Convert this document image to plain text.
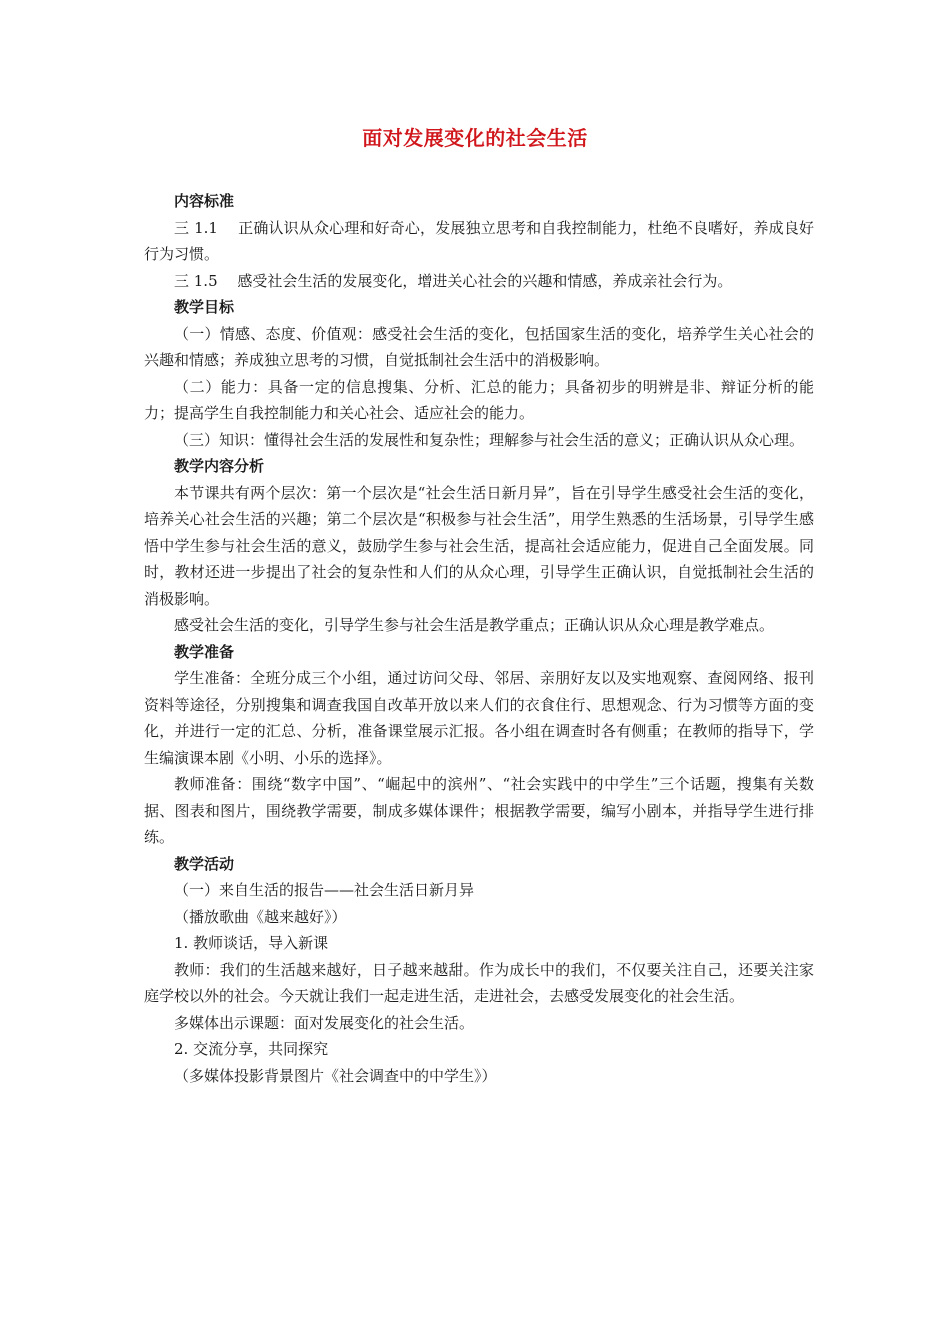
面对发展变化的社会生活

内容标准

三 1.1　 正确认识从众心理和好奇心，发展独立思考和自我控制能力，杜绝不良嗜好，养成良好行为习惯。

三 1.5　 感受社会生活的发展变化，增进关心社会的兴趣和情感，养成亲社会行为。

教学目标

（一）情感、态度、价值观：感受社会生活的变化，包括国家生活的变化，培养学生关心社会的兴趣和情感；养成独立思考的习惯，自觉抵制社会生活中的消极影响。

（二）能力：具备一定的信息搜集、分析、汇总的能力；具备初步的明辨是非、辩证分析的能力；提高学生自我控制能力和关心社会、适应社会的能力。

（三）知识：懂得社会生活的发展性和复杂性；理解参与社会生活的意义；正确认识从众心理。

教学内容分析

本节课共有两个层次：第一个层次是“社会生活日新月异”，旨在引导学生感受社会生活的变化，培养关心社会生活的兴趣；第二个层次是“积极参与社会生活”，用学生熟悉的生活场景，引导学生感悟中学生参与社会生活的意义，鼓励学生参与社会生活，提高社会适应能力，促进自己全面发展。同时，教材还进一步提出了社会的复杂性和人们的从众心理，引导学生正确认识，自觉抵制社会生活的消极影响。

感受社会生活的变化，引导学生参与社会生活是教学重点；正确认识从众心理是教学难点。

教学准备

学生准备：全班分成三个小组，通过访问父母、邻居、亲朋好友以及实地观察、查阅网络、报刊资料等途径，分别搜集和调查我国自改革开放以来人们的衣食住行、思想观念、行为习惯等方面的变化，并进行一定的汇总、分析，准备课堂展示汇报。各小组在调查时各有侧重；在教师的指导下，学生编演课本剧《小明、小乐的选择》。

教师准备：围绕“数字中国”、“崛起中的滨州”、“社会实践中的中学生”三个话题，搜集有关数据、图表和图片，围绕教学需要，制成多媒体课件；根据教学需要，编写小剧本，并指导学生进行排练。

教学活动

（一）来自生活的报告——社会生活日新月异

（播放歌曲《越来越好》）

1. 教师谈话，导入新课

教师：我们的生活越来越好，日子越来越甜。作为成长中的我们，不仅要关注自己，还要关注家庭学校以外的社会。今天就让我们一起走进生活，走进社会，去感受发展变化的社会生活。

多媒体出示课题：面对发展变化的社会生活。

2. 交流分享，共同探究

（多媒体投影背景图片《社会调查中的中学生》）
